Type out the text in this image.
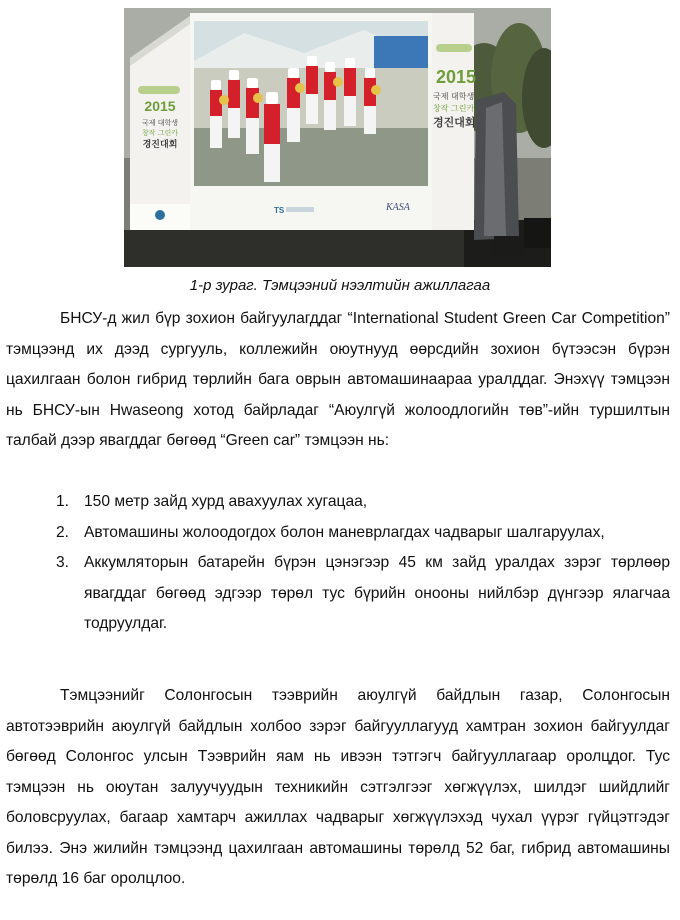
2015
국제 대학생
창작 그린카
경진대회
TS	KASA
2015
국제 대학생
창작 그린카
경진대회
1-р зураг. Тэмцээний нээлтийн ажиллагаа

БНСУ-д жил бүр зохион байгуулагддаг “International Student Green Car Competition” тэмцээнд их дээд сургууль, коллежийн оюутнууд өөрсдийн зохион бүтээсэн бүрэн цахилгаан болон гибрид төрлийн бага оврын автомашинаараа уралддаг. Энэхүү тэмцээн нь БНСУ-ын Hwaseong хотод байрладаг “Аюулгүй жолоодлогийн төв”-ийн туршилтын талбай дээр явагддаг бөгөөд “Green car” тэмцээн нь:

1. 150 метр зайд хурд авахуулах хугацаа,
2. Автомашины жолоодогдох болон маневрлагдах чадварыг шалгаруулах,
3. Аккумляторын батарейн бүрэн цэнэгээр 45 км зайд уралдах зэрэг төрлөөр явагддаг бөгөөд эдгээр төрөл тус бүрийн онооны нийлбэр дүнгээр ялагчаа тодруулдаг.

Тэмцээнийг Солонгосын тээврийн аюулгүй байдлын газар, Солонгосын автотээврийн аюулгүй байдлын холбоо зэрэг байгууллагууд хамтран зохион байгуулдаг бөгөөд Солонгос улсын Тээврийн яам нь ивээн тэтгэгч байгууллагаар оролцдог. Тус тэмцээн нь оюутан залуучуудын техникийн сэтгэлгээг хөгжүүлэх, шилдэг шийдлийг боловсруулах, багаар хамтарч ажиллах чадварыг хөгжүүлэхэд чухал үүрэг гүйцэтгэдэг билээ. Энэ жилийн тэмцээнд цахилгаан автомашины төрөлд 52 баг, гибрид автомашины төрөлд 16 баг оролцлоо.
